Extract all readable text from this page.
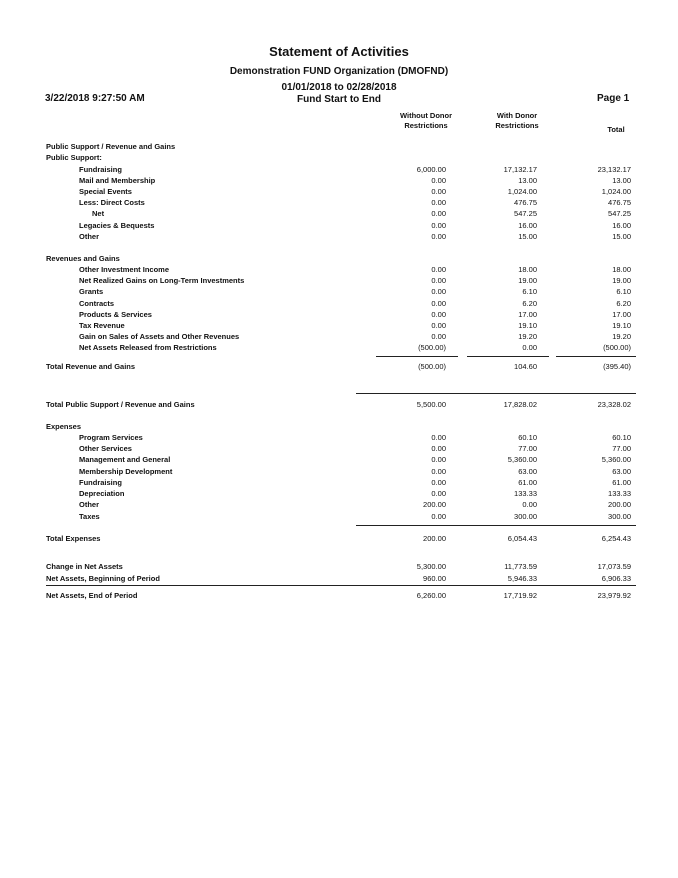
Statement of Activities
Demonstration FUND Organization (DMOFND)
01/01/2018 to 02/28/2018
Fund Start to End
3/22/2018 9:27:50 AM	Page 1
Without Donor
Restrictions
With Donor
Restrictions	Total
Public Support / Revenue and Gains
Public Support:
Fundraising	6,000.00	17,132.17	23,132.17
Mail and Membership	0.00	13.00	13.00
Special Events	0.00	1,024.00	1,024.00
Less: Direct Costs	0.00	476.75	476.75
Net	0.00	547.25	547.25
Legacies & Bequests	0.00	16.00	16.00
Other	0.00	15.00	15.00
Revenues and Gains
Other Investment Income	0.00	18.00	18.00
Net Realized Gains on Long-Term Investments	0.00	19.00	19.00
Grants	0.00	6.10	6.10
Contracts	0.00	6.20	6.20
Products & Services	0.00	17.00	17.00
Tax Revenue	0.00	19.10	19.10
Gain on Sales of Assets and Other Revenues	0.00	19.20	19.20
Net Assets Released from Restrictions	(500.00)	0.00	(500.00)
Total Revenue and Gains	(500.00)	104.60	(395.40)
Total Public Support / Revenue and Gains	5,500.00	17,828.02	23,328.02
Expenses
Program Services	0.00	60.10	60.10
Other Services	0.00	77.00	77.00
Management and General	0.00	5,360.00	5,360.00
Membership Development	0.00	63.00	63.00
Fundraising	0.00	61.00	61.00
Depreciation	0.00	133.33	133.33
Other	200.00	0.00	200.00
Taxes	0.00	300.00	300.00
Total Expenses	200.00	6,054.43	6,254.43
Change in Net Assets	5,300.00	11,773.59	17,073.59
Net Assets, Beginning of Period	960.00	5,946.33	6,906.33
Net Assets, End of Period	6,260.00	17,719.92	23,979.92
